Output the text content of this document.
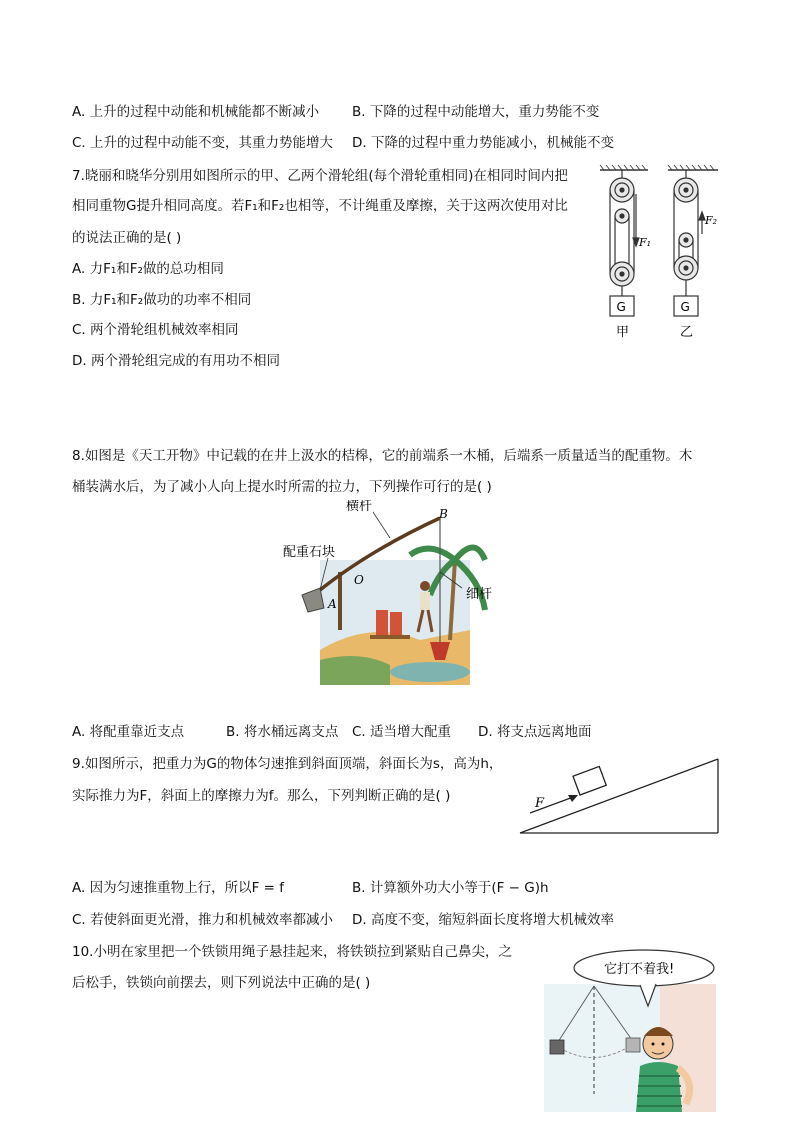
A. 上升的过程中动能和机械能都不断减小 B. 下降的过程中动能增大，重力势能不变
C. 上升的过程中动能不变，其重力势能增大 D. 下降的过程中重力势能减小，机械能不变
7.晓丽和晓华分别用如图所示的甲、乙两个滑轮组(每个滑轮重相同)在相同时间内把
相同重物G提升相同高度。若F₁和F₂也相等，不计绳重及摩擦，关于这两次使用对比
的说法正确的是( )
A. 力F₁和F₂做的总功相同
B. 力F₁和F₂做功的功率不相同
C. 两个滑轮组机械效率相同
D. 两个滑轮组完成的有用功不相同
G
F₁
甲
G
F₂
乙
8.如图是《天工开物》中记载的在井上汲水的桔槔，它的前端系一木桶，后端系一质量适当的配重物。木
桶装满水后，为了减小人向上提水时所需的拉力，下列操作可行的是( )
横杆
配重石块
O
A
B
细杆
A. 将配重靠近支点	B. 将水桶远离支点 C. 适当增大配重 D. 将支点远离地面
9.如图所示，把重力为G的物体匀速推到斜面顶端，斜面长为s，高为h，
实际推力为F，斜面上的摩擦力为f。那么，下列判断正确的是( )	F
A. 因为匀速推重物上行，所以F = f	B. 计算额外功大小等于(F − G)h
C. 若使斜面更光滑，推力和机械效率都减小 D. 高度不变，缩短斜面长度将增大机械效率
10.小明在家里把一个铁锁用绳子悬挂起来，将铁锁拉到紧贴自己鼻尖，之
后松手，铁锁向前摆去，则下列说法中正确的是( )
它打不着我!
